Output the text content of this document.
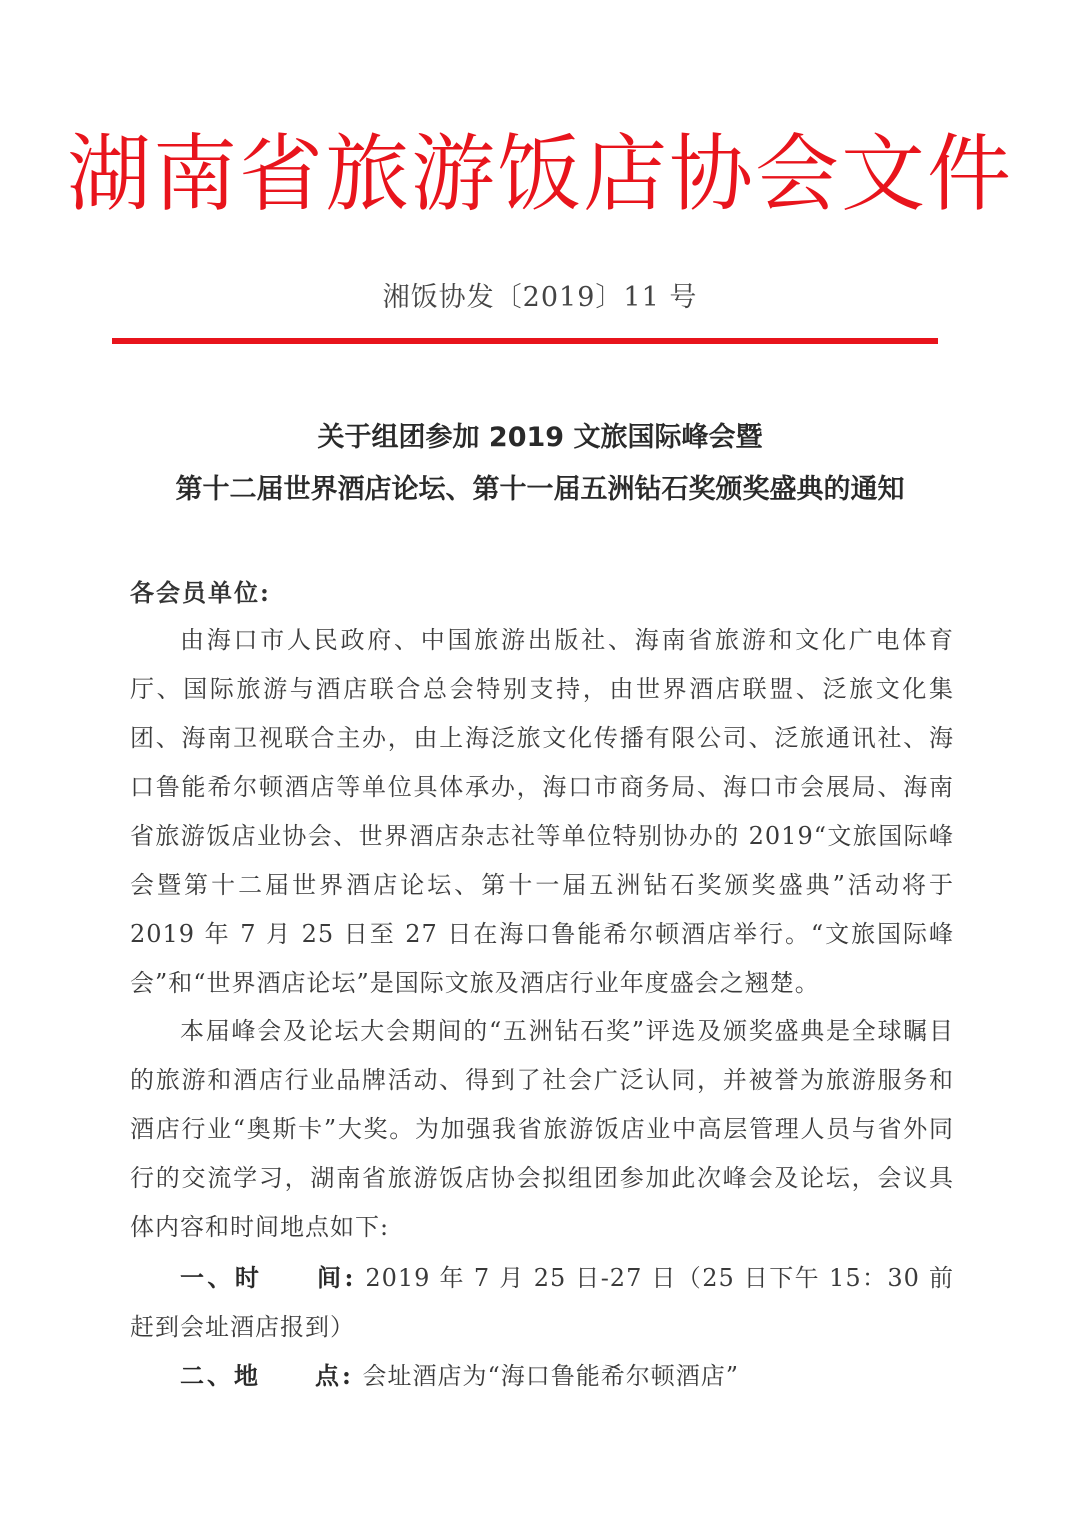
湖南省旅游饭店协会文件
湘饭协发〔2019〕11 号
关于组团参加 2019 文旅国际峰会暨
第十二届世界酒店论坛、第十一届五洲钻石奖颁奖盛典的通知
各会员单位:

由海口市人民政府、中国旅游出版社、海南省旅游和文化广电体育厅、国际旅游与酒店联合总会特别支持，由世界酒店联盟、泛旅文化集团、海南卫视联合主办，由上海泛旅文化传播有限公司、泛旅通讯社、海口鲁能希尔顿酒店等单位具体承办，海口市商务局、海口市会展局、海南省旅游饭店业协会、世界酒店杂志社等单位特别协办的 2019“文旅国际峰会暨第十二届世界酒店论坛、第十一届五洲钻石奖颁奖盛典”活动将于 2019 年 7 月 25 日至 27 日在海口鲁能希尔顿酒店举行。“文旅国际峰会”和“世界酒店论坛”是国际文旅及酒店行业年度盛会之翘楚。

本届峰会及论坛大会期间的“五洲钻石奖”评选及颁奖盛典是全球瞩目的旅游和酒店行业品牌活动、得到了社会广泛认同，并被誉为旅游服务和酒店行业“奥斯卡”大奖。为加强我省旅游饭店业中高层管理人员与省外同行的交流学习，湖南省旅游饭店协会拟组团参加此次峰会及论坛，会议具体内容和时间地点如下:

一、时　　间: 2019 年 7 月 25 日-27 日（25 日下午 15：30 前赶到会址酒店报到）

二、地　　点: 会址酒店为“海口鲁能希尔顿酒店”
